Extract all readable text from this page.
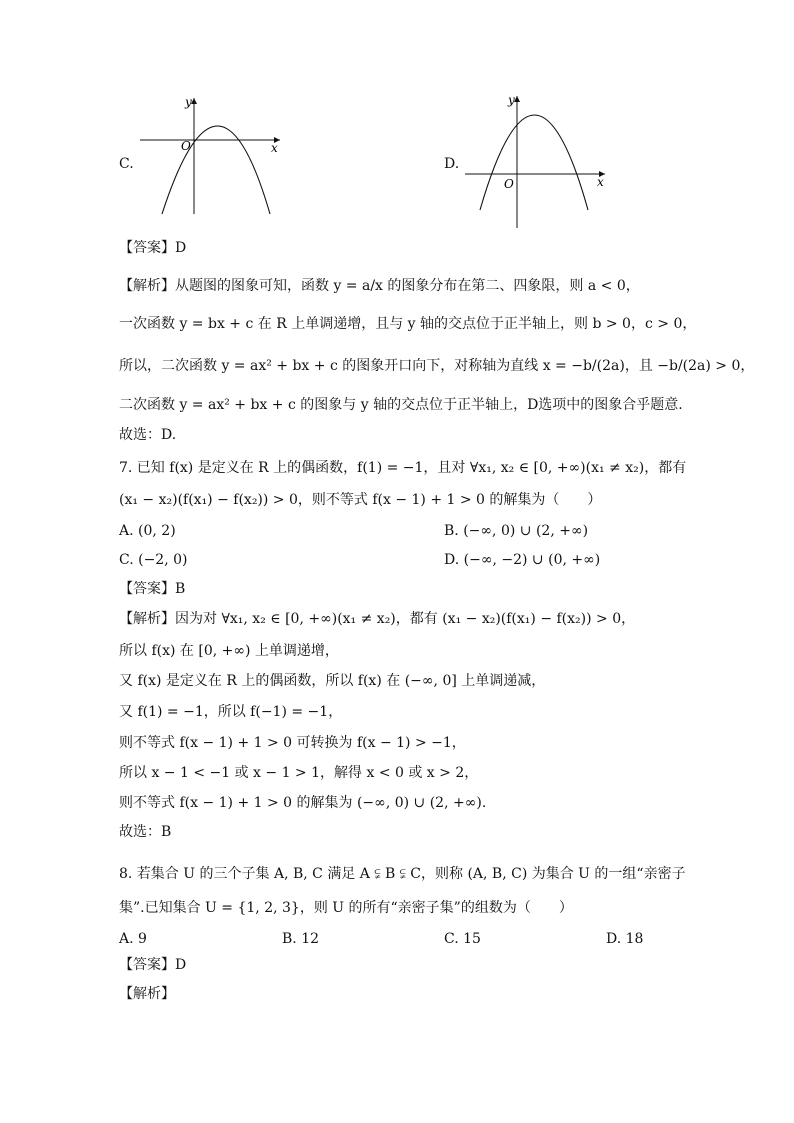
C.
y
x
O
D.
y
x
O
【答案】D
【解析】从题图的图象可知，函数 y = a/x 的图象分布在第二、四象限，则 a < 0，
一次函数 y = bx + c 在 R 上单调递增，且与 y 轴的交点位于正半轴上，则 b > 0，c > 0，
所以，二次函数 y = ax² + bx + c 的图象开口向下，对称轴为直线 x = −b/(2a)，且 −b/(2a) > 0，
二次函数 y = ax² + bx + c 的图象与 y 轴的交点位于正半轴上，D选项中的图象合乎题意.
故选：D.
7. 已知 f(x) 是定义在 R 上的偶函数，f(1) = −1，且对 ∀x₁, x₂ ∈ [0, +∞)(x₁ ≠ x₂)，都有
(x₁ − x₂)(f(x₁) − f(x₂)) > 0，则不等式 f(x − 1) + 1 > 0 的解集为（　　）
A. (0, 2)	B. (−∞, 0) ∪ (2, +∞)
C. (−2, 0)	D. (−∞, −2) ∪ (0, +∞)
【答案】B
【解析】因为对 ∀x₁, x₂ ∈ [0, +∞)(x₁ ≠ x₂)，都有 (x₁ − x₂)(f(x₁) − f(x₂)) > 0，
所以 f(x) 在 [0, +∞) 上单调递增，
又 f(x) 是定义在 R 上的偶函数，所以 f(x) 在 (−∞, 0] 上单调递减，
又 f(1) = −1，所以 f(−1) = −1，
则不等式 f(x − 1) + 1 > 0 可转换为 f(x − 1) > −1，
所以 x − 1 < −1 或 x − 1 > 1，解得 x < 0 或 x > 2，
则不等式 f(x − 1) + 1 > 0 的解集为 (−∞, 0) ∪ (2, +∞).
故选：B
8. 若集合 U 的三个子集 A, B, C 满足 A ⫋ B ⫋ C，则称 (A, B, C) 为集合 U 的一组“亲密子
集”.已知集合 U = {1, 2, 3}，则 U 的所有“亲密子集”的组数为（　　）
A. 9	B. 12	C. 15	D. 18
【答案】D
【解析】
